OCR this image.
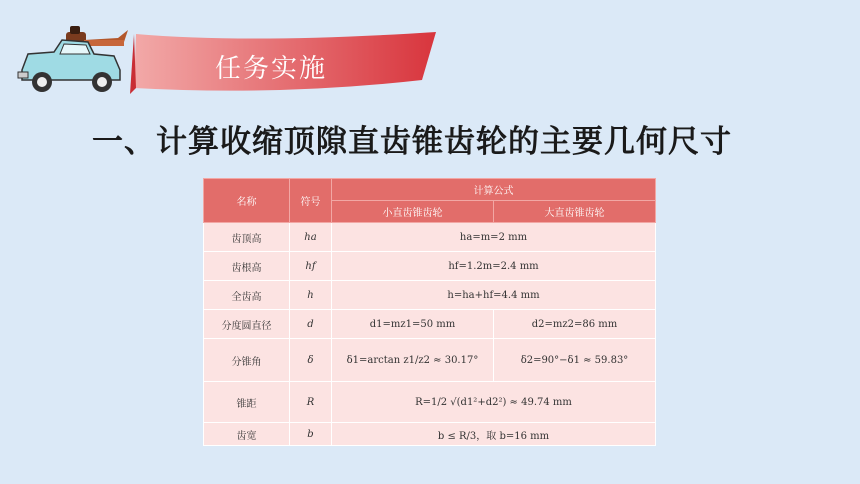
任务实施
一、计算收缩顶隙直齿锥齿轮的主要几何尺寸
名称	符号	计算公式	
		小直齿锥齿轮	大直齿锥齿轮
齿顶高	ha	ha=m=2 mm	
齿根高	hf	hf=1.2m=2.4 mm	
全齿高	h	h=ha+hf=4.4 mm	
分度圆直径	d	d1=mz1=50 mm	d2=mz2=86 mm
分锥角	δ	δ1=arctan z1/z2 ≈ 30.17°	δ2=90°−δ1 ≈ 59.83°
锥距	R	R=1/2 √(d1²+d2²) ≈ 49.74 mm	
齿宽	b	b ≤ R/3，取 b=16 mm	
